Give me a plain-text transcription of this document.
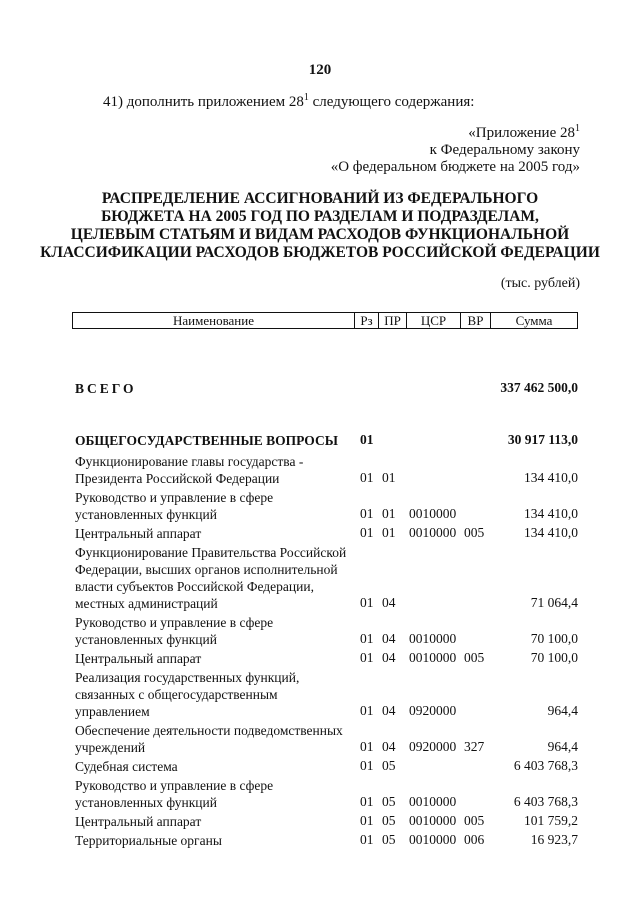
120
41) дополнить приложением $28^1$ следующего содержания:
«Приложение $28^1$
к Федеральному закону
«О федеральном бюджете на 2005 год»
РАСПРЕДЕЛЕНИЕ АССИГНОВАНИЙ ИЗ ФЕДЕРАЛЬНОГО
БЮДЖЕТА НА 2005 ГОД ПО РАЗДЕЛАМ И ПОДРАЗДЕЛАМ,
ЦЕЛЕВЫМ СТАТЬЯМ И ВИДАМ РАСХОДОВ ФУНКЦИОНАЛЬНОЙ
КЛАССИФИКАЦИИ РАСХОДОВ БЮДЖЕТОВ РОССИЙСКОЙ ФЕДЕРАЦИИ
(тыс. рублей)
Наименование	Рз ПР	ЦСР	ВР	Сумма
ВСЕГО	337 462 500,0
ОБЩЕГОСУДАРСТВЕННЫЕ ВОПРОСЫ	01	30 917 113,0
Функционирование главы государства -
Президента Российской Федерации	01 01	134 410,0
Руководство и управление в сфере
установленных функций	01 01	0010000	134 410,0
Центральный аппарат	01 01	0010000 005	134 410,0
Функционирование Правительства Российской
Федерации, высших органов исполнительной
власти субъектов Российской Федерации,
местных администраций	01 04	71 064,4
Руководство и управление в сфере
установленных функций	01 04	0010000	70 100,0
Центральный аппарат	01 04	0010000 005	70 100,0
Реализация государственных функций,
связанных с общегосударственным
управлением	01 04	0920000	964,4
Обеспечение деятельности подведомственных
учреждений	01 04	0920000 327	964,4
Судебная система	01 05	6 403 768,3
Руководство и управление в сфере
установленных функций	01 05	0010000	6 403 768,3
Центральный аппарат	01 05	0010000 005	101 759,2
Территориальные органы	01 05	0010000 006	16 923,7
